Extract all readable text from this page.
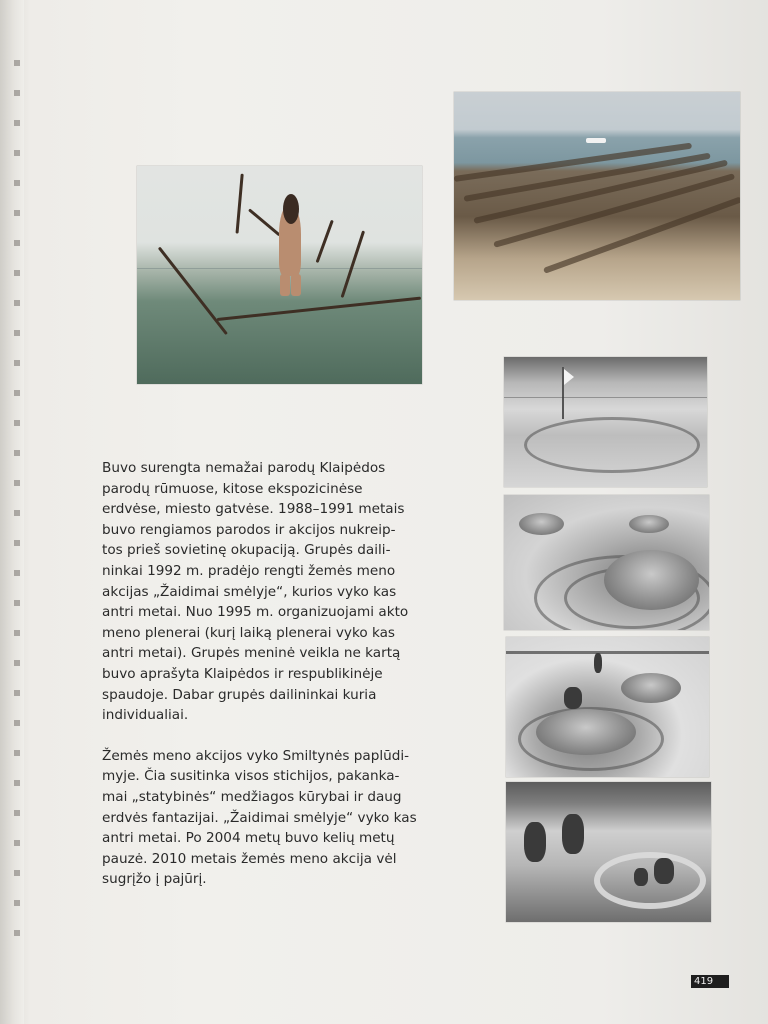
Buvo surengta nemažai parodų Klaipėdos
parodų rūmuose, kitose ekspozicinėse
erdvėse, miesto gatvėse. 1988–1991 metais
buvo rengiamos parodos ir akcijos nukreip-
tos prieš sovietinę okupaciją. Grupės daili-
ninkai 1992 m. pradėjo rengti žemės meno
akcijas „Žaidimai smėlyje“, kurios vyko kas
antri metai. Nuo 1995 m. organizuojami akto
meno plenerai (kurį laiką plenerai vyko kas
antri metai). Grupės meninė veikla ne kartą
buvo aprašyta Klaipėdos ir respublikinėje
spaudoje. Dabar grupės dailininkai kuria
individualiai.

Žemės meno akcijos vyko Smiltynės paplūdi-
myje. Čia susitinka visos stichijos, pakanka-
mai „statybinės“ medžiagos kūrybai ir daug
erdvės fantazijai. „Žaidimai smėlyje“ vyko kas
antri metai. Po 2004 metų buvo kelių metų
pauzė. 2010 metais žemės meno akcija vėl
sugrįžo į pajūrį.

419
